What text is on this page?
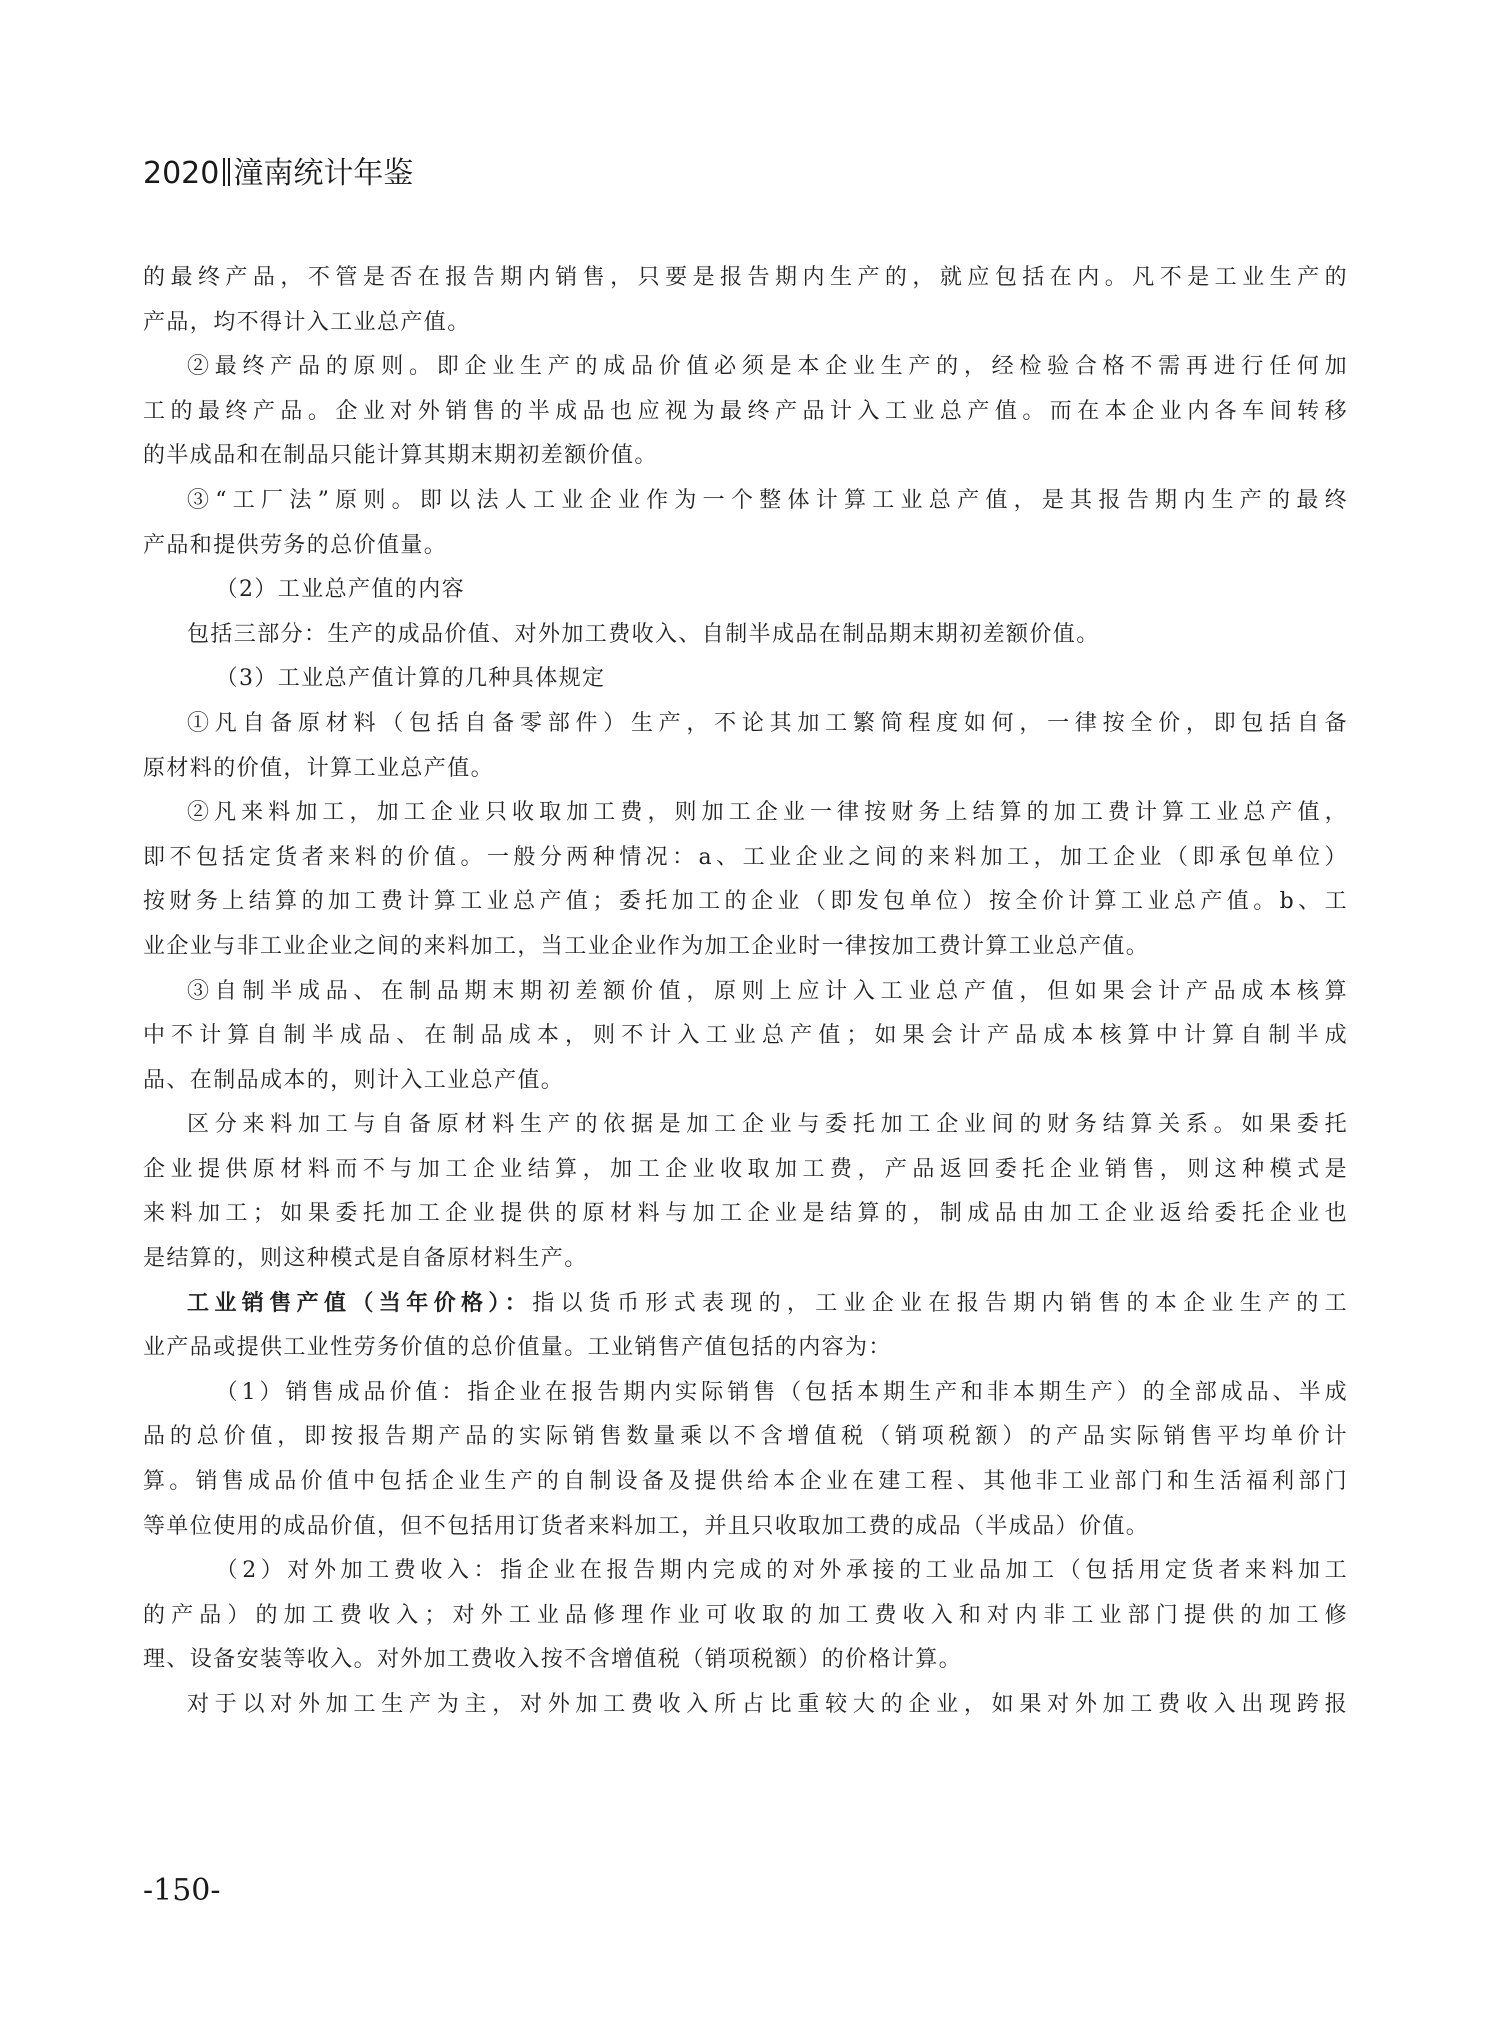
2020 潼南统计年鉴

的最终产品，不管是否在报告期内销售，只要是报告期内生产的，就应包括在内。凡不是工业生产的

产品，均不得计入工业总产值。

②最终产品的原则。即企业生产的成品价值必须是本企业生产的，经检验合格不需再进行任何加

工的最终产品。企业对外销售的半成品也应视为最终产品计入工业总产值。而在本企业内各车间转移

的半成品和在制品只能计算其期末期初差额价值。

③“工厂法”原则。即以法人工业企业作为一个整体计算工业总产值，是其报告期内生产的最终

产品和提供劳务的总价值量。

（2）工业总产值的内容

包括三部分：生产的成品价值、对外加工费收入、自制半成品在制品期末期初差额价值。

（3）工业总产值计算的几种具体规定

①凡自备原材料（包括自备零部件）生产，不论其加工繁简程度如何，一律按全价，即包括自备

原材料的价值，计算工业总产值。

②凡来料加工，加工企业只收取加工费，则加工企业一律按财务上结算的加工费计算工业总产值，

即不包括定货者来料的价值。一般分两种情况：a、工业企业之间的来料加工，加工企业（即承包单位）

按财务上结算的加工费计算工业总产值；委托加工的企业（即发包单位）按全价计算工业总产值。b、工

业企业与非工业企业之间的来料加工，当工业企业作为加工企业时一律按加工费计算工业总产值。

③自制半成品、在制品期末期初差额价值，原则上应计入工业总产值，但如果会计产品成本核算

中不计算自制半成品、在制品成本，则不计入工业总产值；如果会计产品成本核算中计算自制半成

品、在制品成本的，则计入工业总产值。

区分来料加工与自备原材料生产的依据是加工企业与委托加工企业间的财务结算关系。如果委托

企业提供原材料而不与加工企业结算，加工企业收取加工费，产品返回委托企业销售，则这种模式是

来料加工；如果委托加工企业提供的原材料与加工企业是结算的，制成品由加工企业返给委托企业也

是结算的，则这种模式是自备原材料生产。

工业销售产值（当年价格）：指以货币形式表现的，工业企业在报告期内销售的本企业生产的工

业产品或提供工业性劳务价值的总价值量。工业销售产值包括的内容为：

（1）销售成品价值：指企业在报告期内实际销售（包括本期生产和非本期生产）的全部成品、半成

品的总价值，即按报告期产品的实际销售数量乘以不含增值税（销项税额）的产品实际销售平均单价计

算。销售成品价值中包括企业生产的自制设备及提供给本企业在建工程、其他非工业部门和生活福利部门

等单位使用的成品价值，但不包括用订货者来料加工，并且只收取加工费的成品（半成品）价值。

（2）对外加工费收入：指企业在报告期内完成的对外承接的工业品加工（包括用定货者来料加工

的产品）的加工费收入；对外工业品修理作业可收取的加工费收入和对内非工业部门提供的加工修

理、设备安装等收入。对外加工费收入按不含增值税（销项税额）的价格计算。

对于以对外加工生产为主，对外加工费收入所占比重较大的企业，如果对外加工费收入出现跨报

-150-
